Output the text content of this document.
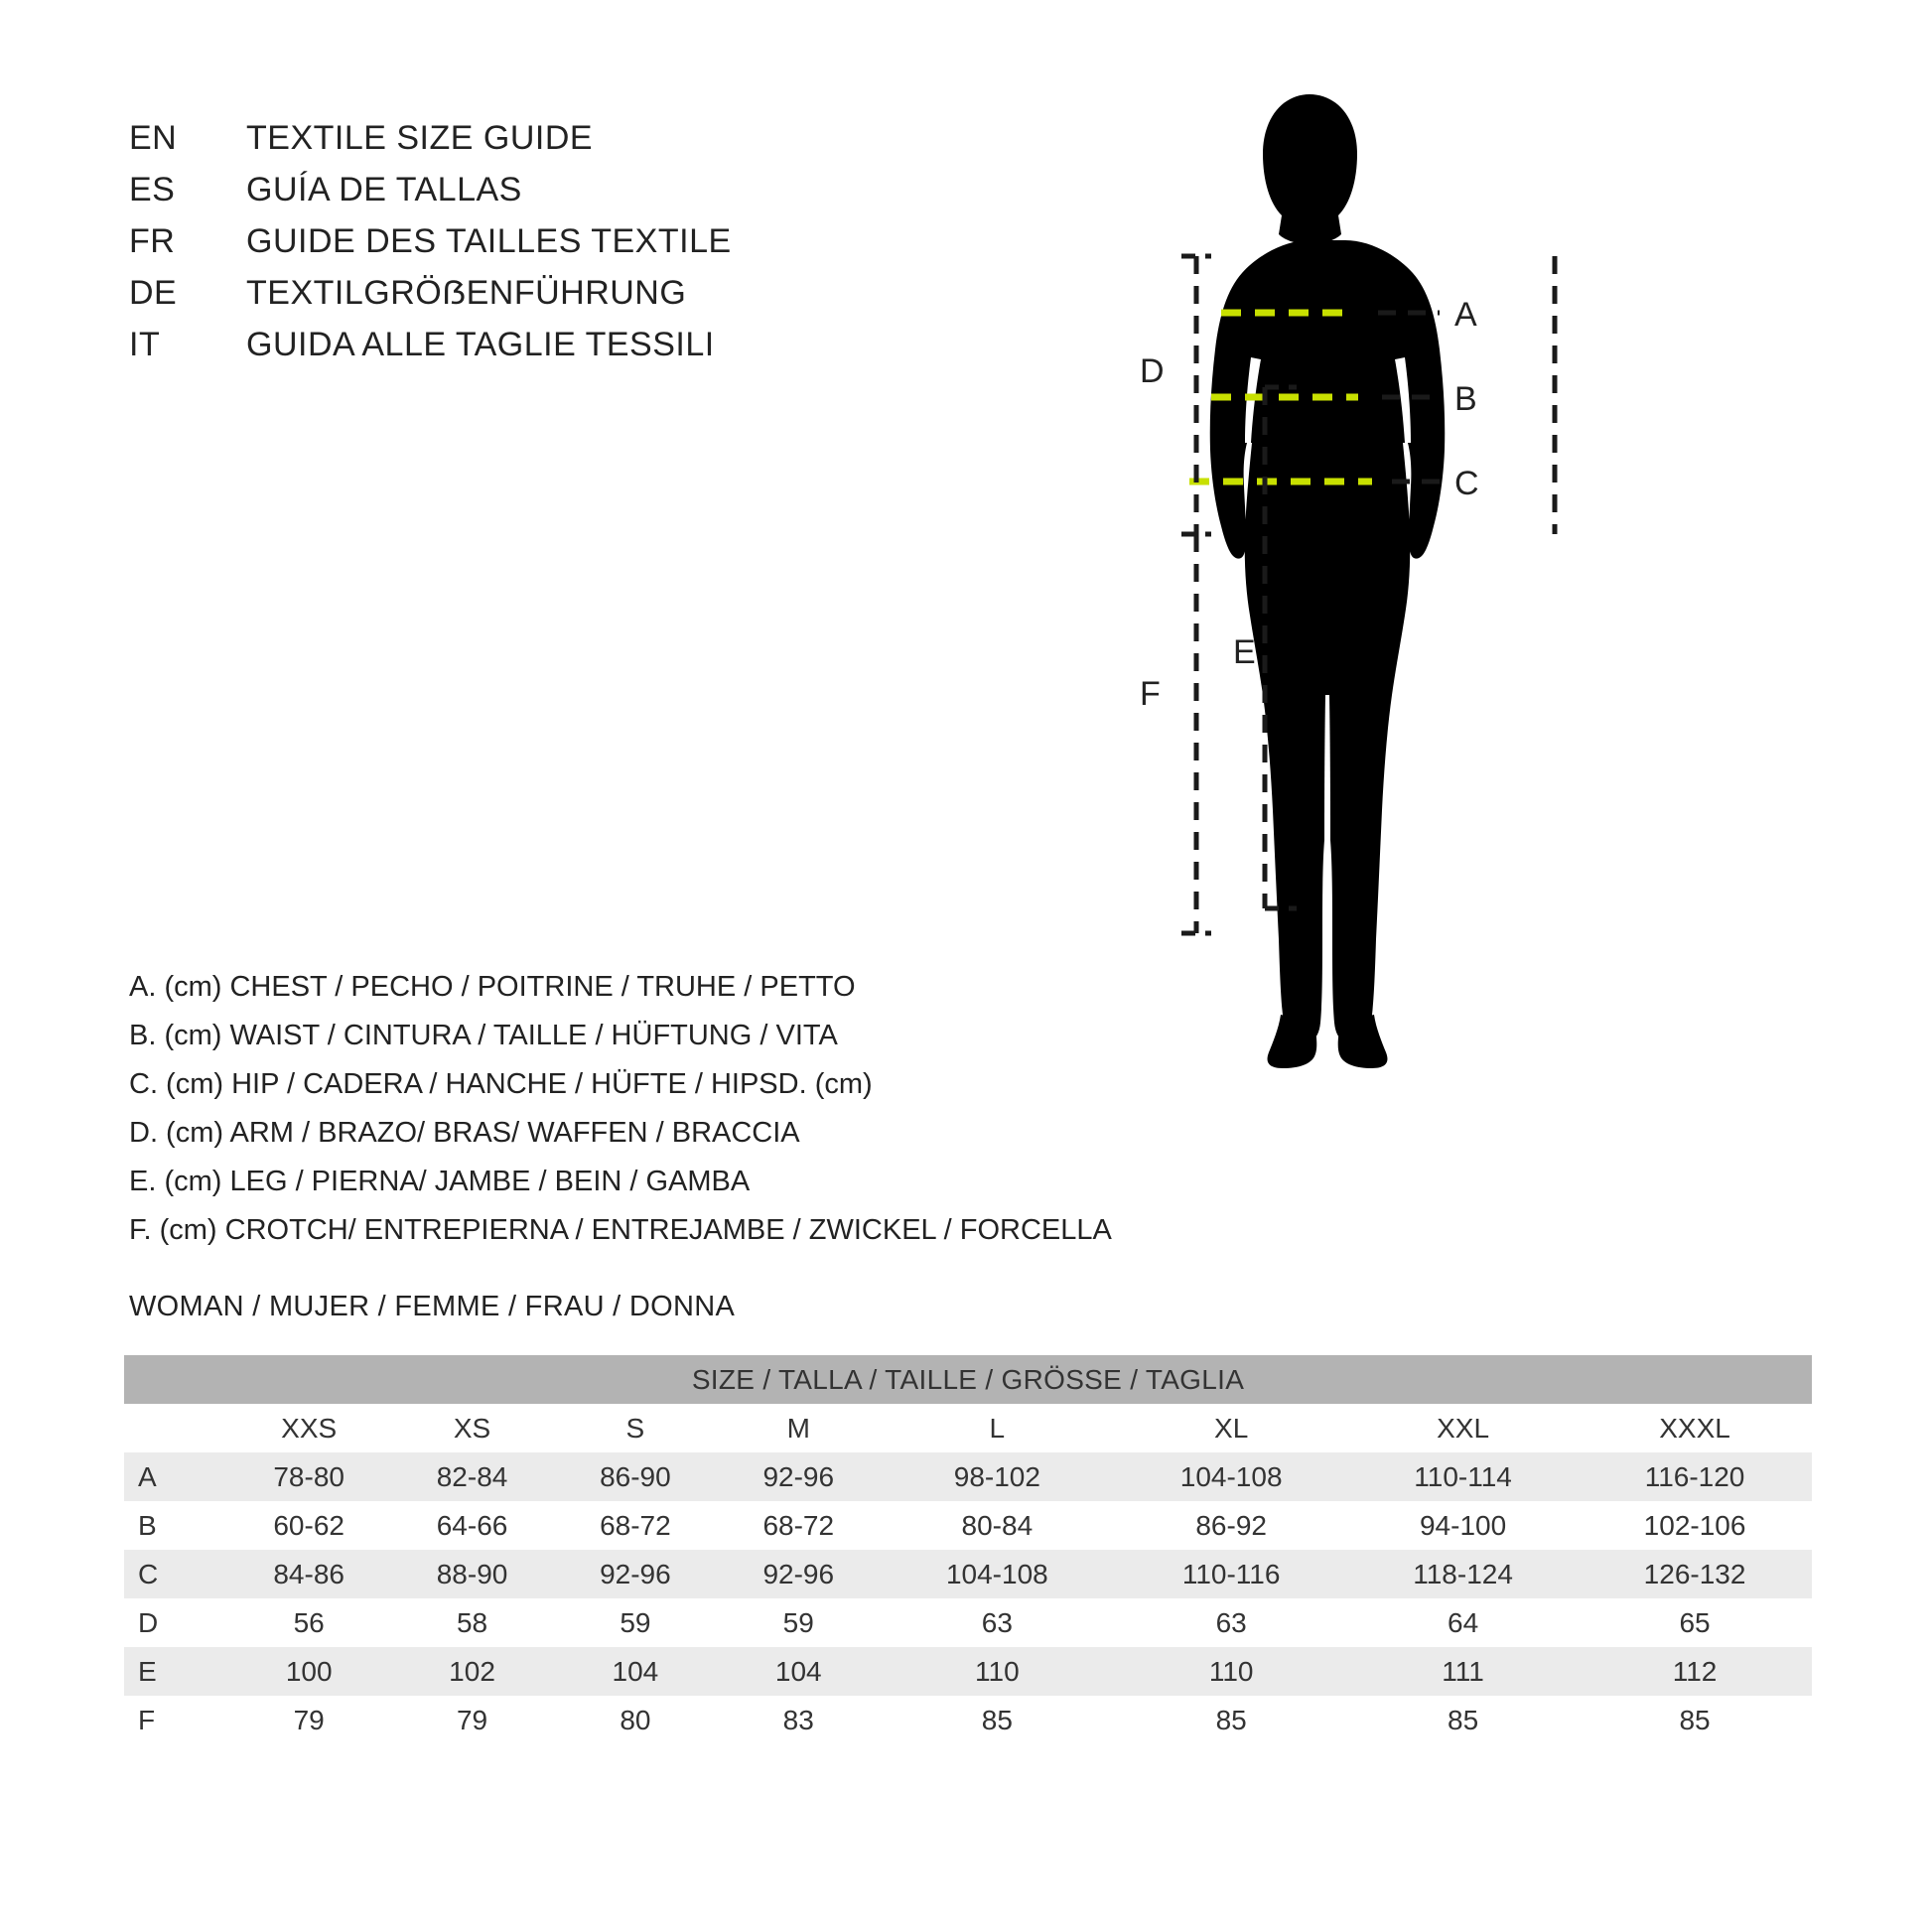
EN	TEXTILE SIZE GUIDE
ES	GUÍA DE TALLAS
FR	GUIDE DES TAILLES TEXTILE
DE	TEXTILGRÖẞENFÜHRUNG
IT	GUIDA ALLE TAGLIE TESSILI
A
B
C
D
F
E
A. (cm) CHEST / PECHO / POITRINE / TRUHE / PETTO
B. (cm) WAIST / CINTURA / TAILLE / HÜFTUNG / VITA
C. (cm) HIP / CADERA / HANCHE / HÜFTE / HIPSD. (cm)
D. (cm) ARM / BRAZO/ BRAS/ WAFFEN / BRACCIA
E. (cm) LEG / PIERNA/ JAMBE / BEIN / GAMBA
F. (cm) CROTCH/ ENTREPIERNA / ENTREJAMBE / ZWICKEL / FORCELLA
WOMAN / MUJER / FEMME / FRAU / DONNA
SIZE / TALLA / TAILLE / GRÖSSE / TAGLIA								
	XXS	XS	S	M	L	XL	XXL	XXXL
A	78-80	82-84	86-90	92-96	98-102	104-108	110-114	116-120
B	60-62	64-66	68-72	68-72	80-84	86-92	94-100	102-106
C	84-86	88-90	92-96	92-96	104-108	110-116	118-124	126-132
D	56	58	59	59	63	63	64	65
E	100	102	104	104	110	110	111	112
F	79	79	80	83	85	85	85	85
